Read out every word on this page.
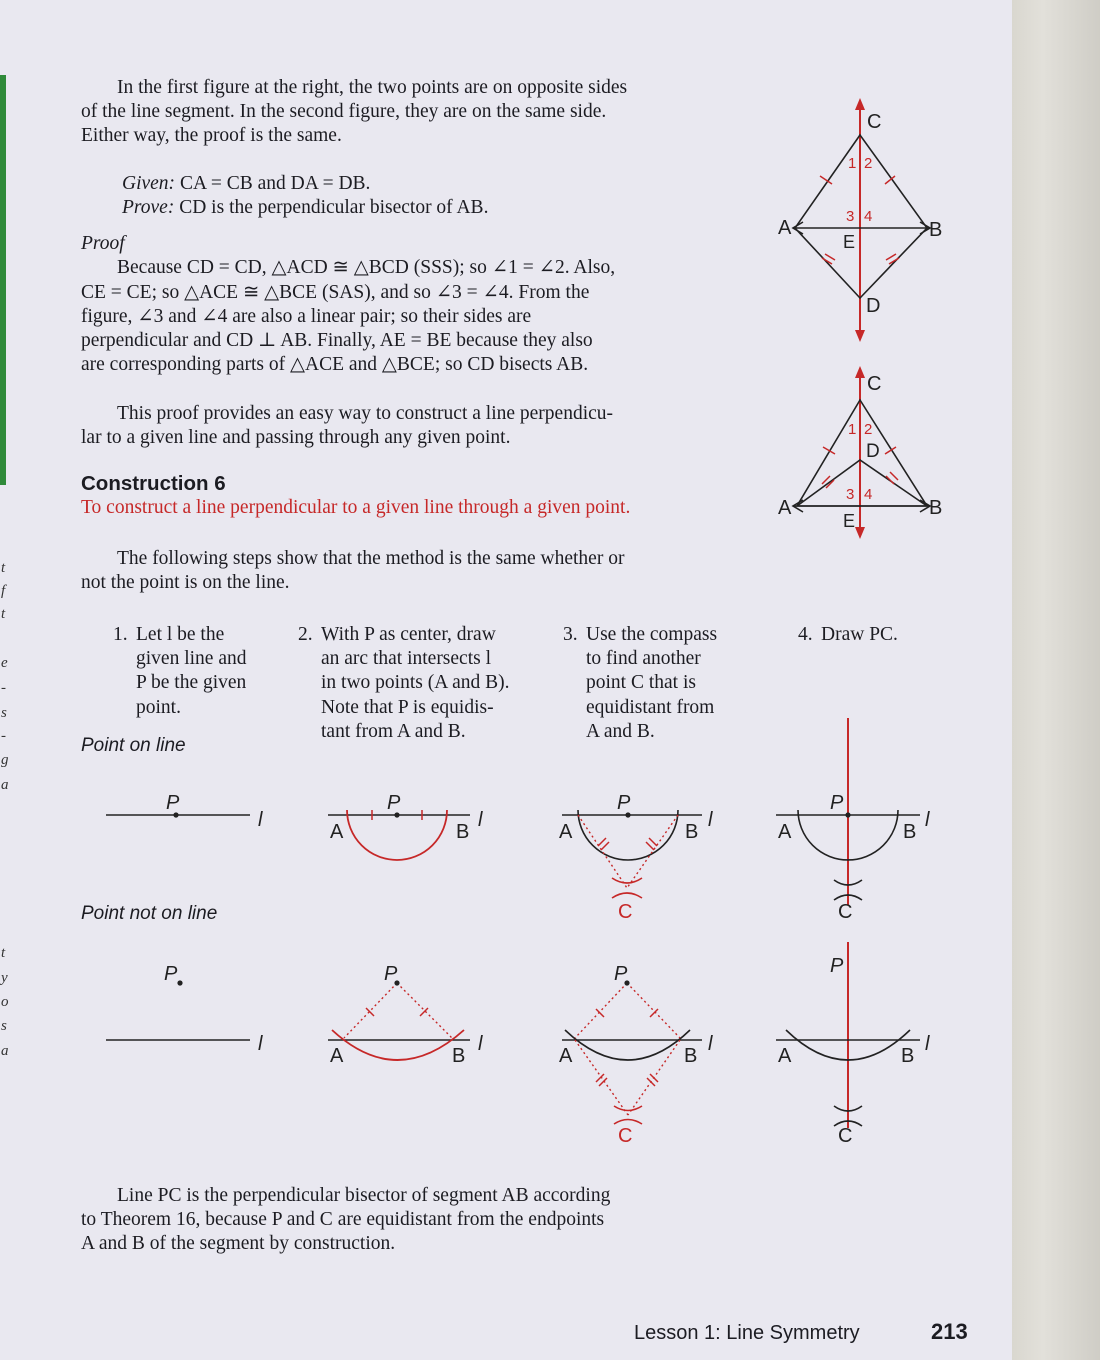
t
f
t
e
-
s
-
g
a
t
y
o
s
a

In the first figure at the right, the two points are on opposite sides

of the line segment. In the second figure, they are on the same side.

Either way, the proof is the same.

Given: CA = CB and DA = DB.

Prove: CD is the perpendicular bisector of AB.

Proof

Because CD = CD, △ACD ≅ △BCD (SSS); so ∠1 = ∠2. Also,

CE = CE; so △ACE ≅ △BCE (SAS), and so ∠3 = ∠4. From the

figure, ∠3 and ∠4 are also a linear pair; so their sides are

perpendicular and CD ⊥ AB. Finally, AE = BE because they also

are corresponding parts of △ACE and △BCE; so CD bisects AB.

This proof provides an easy way to construct a line perpendicu-

lar to a given line and passing through any given point.

Construction 6
To construct a line perpendicular to a given line through a given point.

The following steps show that the method is the same whether or

not the point is on the line.

1. Let l be the
given line and
P be the given
point.
2. With P as center, draw
an arc that intersects l
in two points (A and B).
Note that P is equidis-
tant from A and B.
3. Use the compass
to find another
point C that is
equidistant from
A and B.
4. Draw PC.
Point on line
Point not on line
C
1 2
3 4
A	B
E
D
C
1 2
D
3 4
A	B
E
P
l
P
A	B
l
P
A	B
l
C
P
A	B
l
C
P
l
P
A	B
l
P
A	B
l
C
P
A	B
l
C

Line PC is the perpendicular bisector of segment AB according

to Theorem 16, because P and C are equidistant from the endpoints

A and B of the segment by construction.

Lesson 1: Line Symmetry	213
